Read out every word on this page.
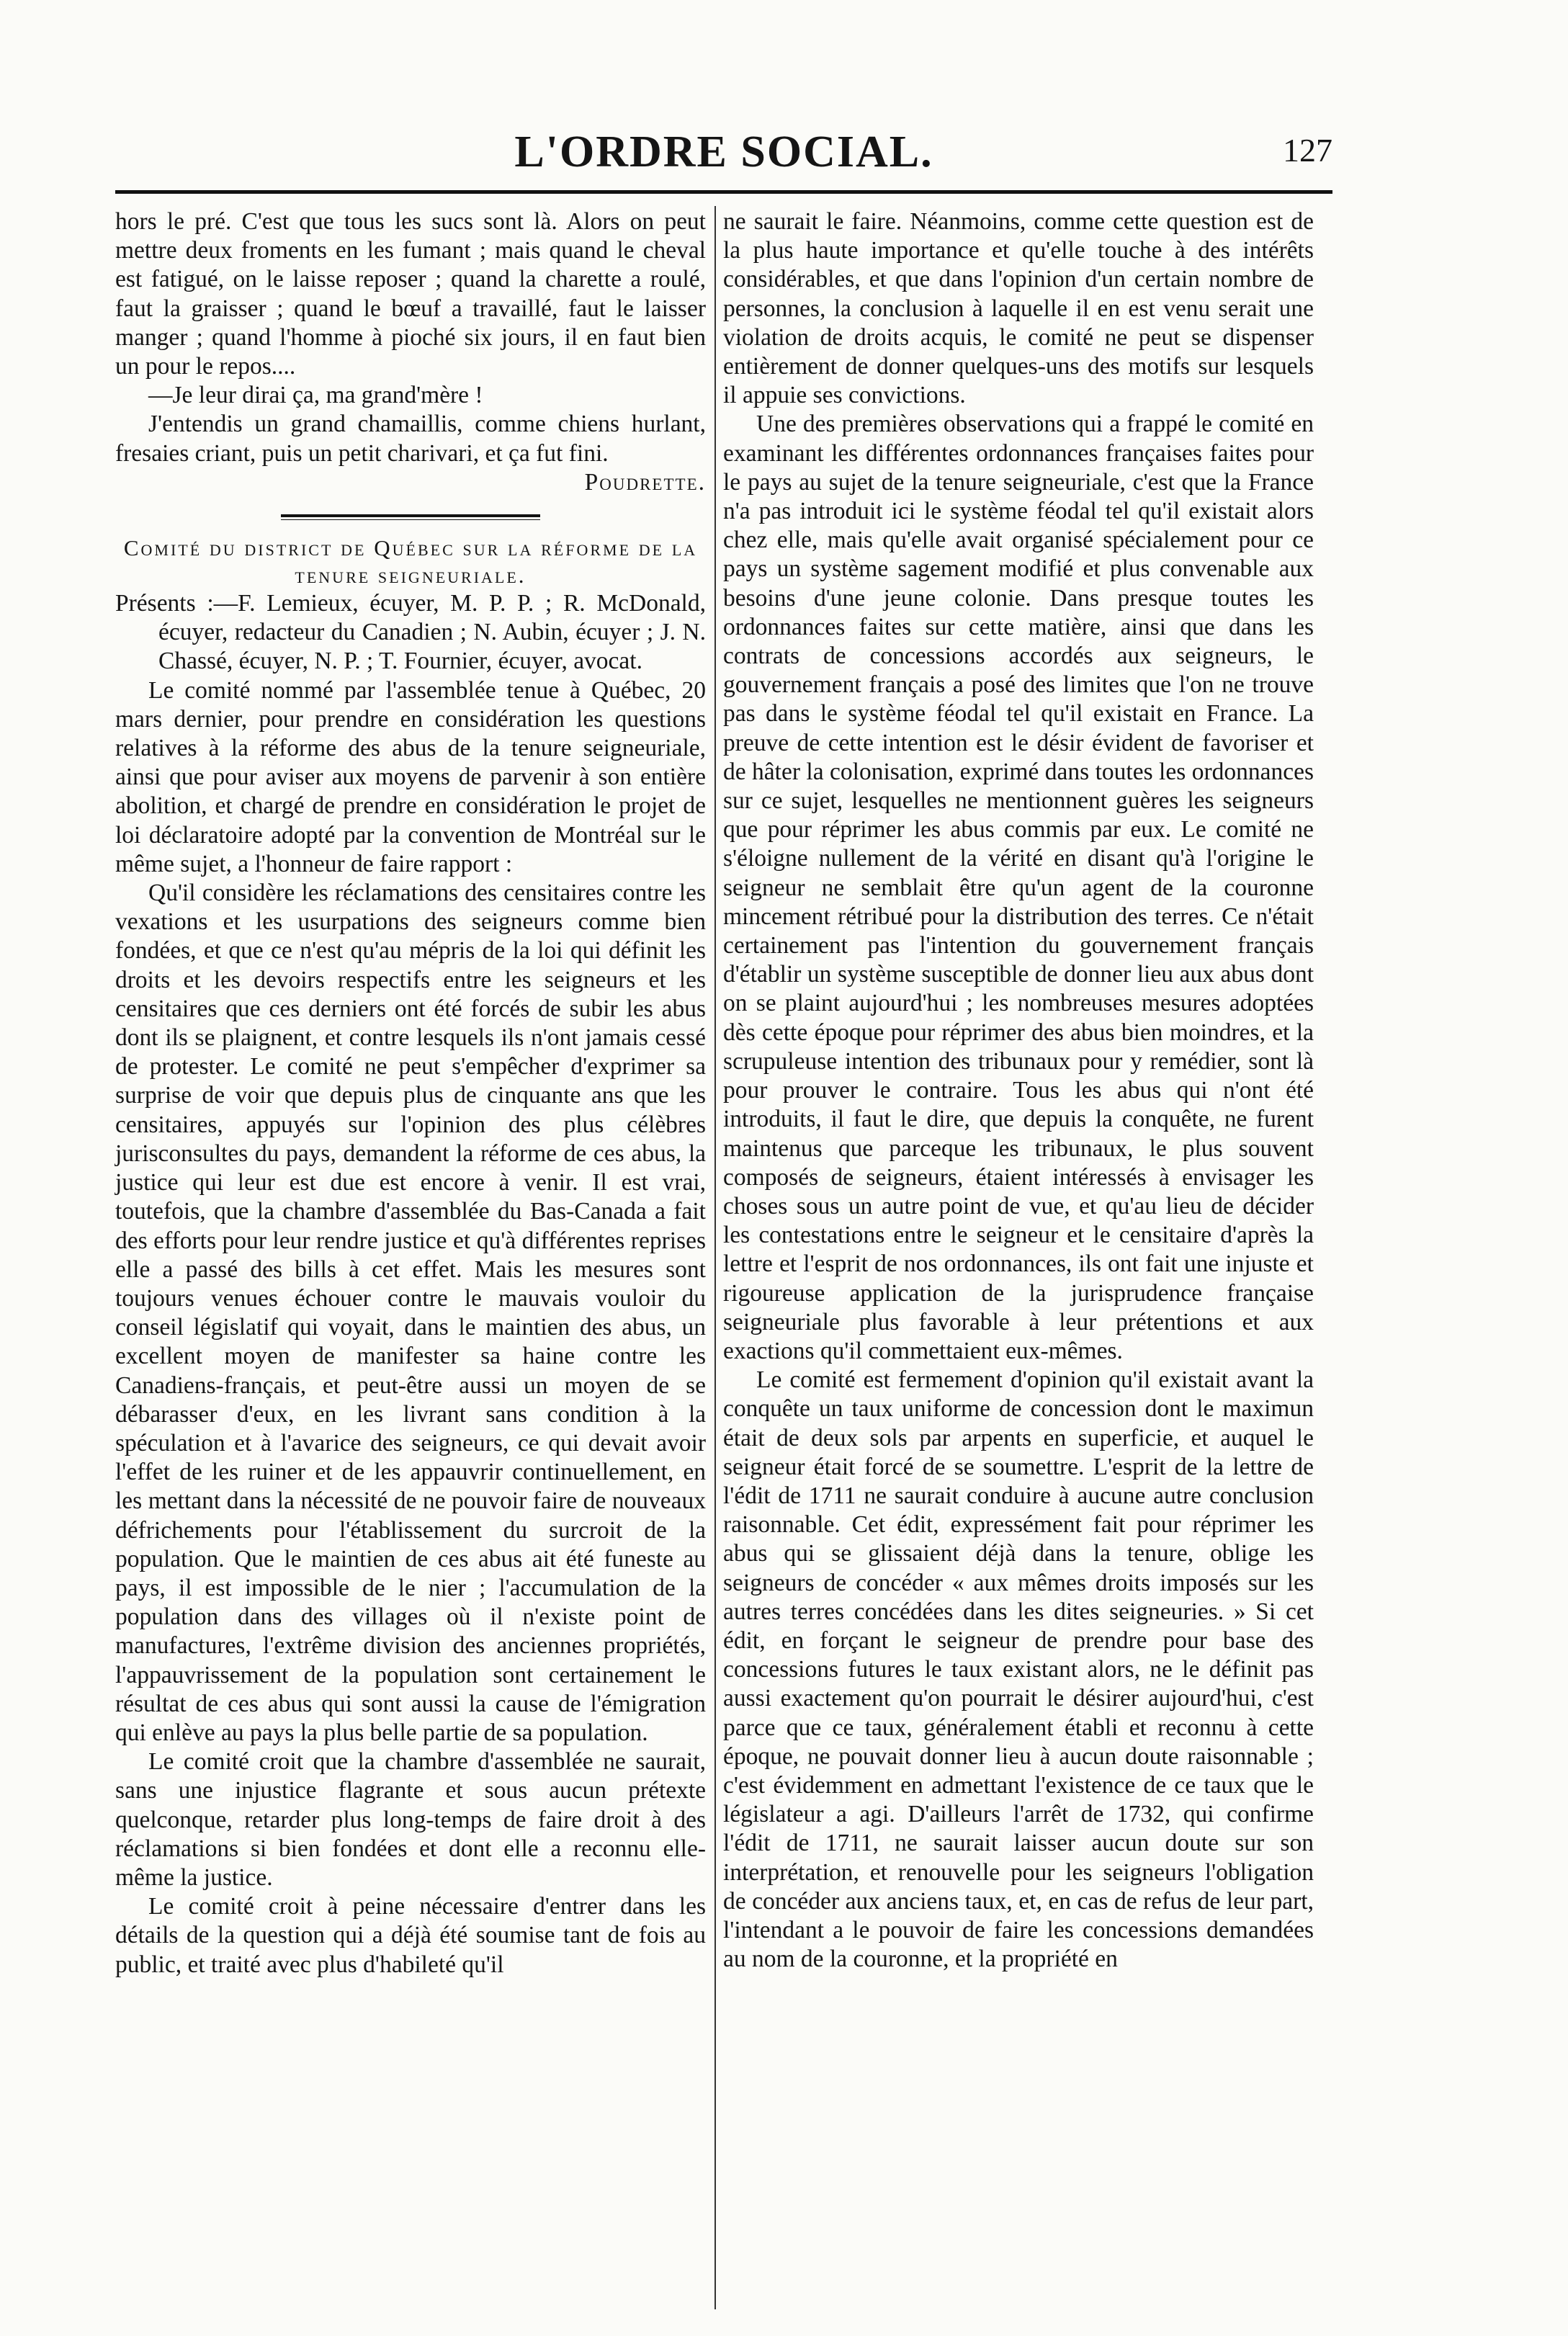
L'ORDRE SOCIAL.	127

hors le pré. C'est que tous les sucs sont là. Alors on peut mettre deux froments en les fumant ; mais quand le cheval est fatigué, on le laisse reposer ; quand la charette a roulé, faut la graisser ; quand le bœuf a travaillé, faut le laisser manger ; quand l'homme à pioché six jours, il en faut bien un pour le repos....

—Je leur dirai ça, ma grand'mère !

J'entendis un grand chamaillis, comme chiens hurlant, fresaies criant, puis un petit charivari, et ça fut fini.

Poudrette.

Comité du district de Québec sur la réforme de la tenure seigneuriale.

Présents :—F. Lemieux, écuyer, M. P. P. ; R. McDonald, écuyer, redacteur du Canadien ; N. Aubin, écuyer ; J. N. Chassé, écuyer, N. P. ; T. Fournier, écuyer, avocat.

Le comité nommé par l'assemblée tenue à Québec, 20 mars dernier, pour prendre en considération les questions relatives à la réforme des abus de la tenure seigneuriale, ainsi que pour aviser aux moyens de parvenir à son entière abolition, et chargé de prendre en considération le projet de loi déclaratoire adopté par la convention de Montréal sur le même sujet, a l'honneur de faire rapport :

Qu'il considère les réclamations des censitaires contre les vexations et les usurpations des seigneurs comme bien fondées, et que ce n'est qu'au mépris de la loi qui définit les droits et les devoirs respectifs entre les seigneurs et les censitaires que ces derniers ont été forcés de subir les abus dont ils se plaignent, et contre lesquels ils n'ont jamais cessé de protester. Le comité ne peut s'empêcher d'exprimer sa surprise de voir que depuis plus de cinquante ans que les censitaires, appuyés sur l'opinion des plus célèbres jurisconsultes du pays, demandent la réforme de ces abus, la justice qui leur est due est encore à venir. Il est vrai, toutefois, que la chambre d'assemblée du Bas-Canada a fait des efforts pour leur rendre justice et qu'à différentes reprises elle a passé des bills à cet effet. Mais les mesures sont toujours venues échouer contre le mauvais vouloir du conseil législatif qui voyait, dans le maintien des abus, un excellent moyen de manifester sa haine contre les Canadiens-français, et peut-être aussi un moyen de se débarasser d'eux, en les livrant sans condition à la spéculation et à l'avarice des seigneurs, ce qui devait avoir l'effet de les ruiner et de les appauvrir continuellement, en les mettant dans la nécessité de ne pouvoir faire de nouveaux défrichements pour l'établissement du surcroit de la population. Que le maintien de ces abus ait été funeste au pays, il est impossible de le nier ; l'accumulation de la population dans des villages où il n'existe point de manufactures, l'extrême division des anciennes propriétés, l'appauvrissement de la population sont certainement le résultat de ces abus qui sont aussi la cause de l'émigration qui enlève au pays la plus belle partie de sa population.

Le comité croit que la chambre d'assemblée ne saurait, sans une injustice flagrante et sous aucun prétexte quelconque, retarder plus long-temps de faire droit à des réclamations si bien fondées et dont elle a reconnu elle-même la justice.

Le comité croit à peine nécessaire d'entrer dans les détails de la question qui a déjà été soumise tant de fois au public, et traité avec plus d'habileté qu'il

ne saurait le faire. Néanmoins, comme cette question est de la plus haute importance et qu'elle touche à des intérêts considérables, et que dans l'opinion d'un certain nombre de personnes, la conclusion à laquelle il en est venu serait une violation de droits acquis, le comité ne peut se dispenser entièrement de donner quelques-uns des motifs sur lesquels il appuie ses convictions.

Une des premières observations qui a frappé le comité en examinant les différentes ordonnances françaises faites pour le pays au sujet de la tenure seigneuriale, c'est que la France n'a pas introduit ici le système féodal tel qu'il existait alors chez elle, mais qu'elle avait organisé spécialement pour ce pays un système sagement modifié et plus convenable aux besoins d'une jeune colonie. Dans presque toutes les ordonnances faites sur cette matière, ainsi que dans les contrats de concessions accordés aux seigneurs, le gouvernement français a posé des limites que l'on ne trouve pas dans le système féodal tel qu'il existait en France. La preuve de cette intention est le désir évident de favoriser et de hâter la colonisation, exprimé dans toutes les ordonnances sur ce sujet, lesquelles ne mentionnent guères les seigneurs que pour réprimer les abus commis par eux. Le comité ne s'éloigne nullement de la vérité en disant qu'à l'origine le seigneur ne semblait être qu'un agent de la couronne mincement rétribué pour la distribution des terres. Ce n'était certainement pas l'intention du gouvernement français d'établir un système susceptible de donner lieu aux abus dont on se plaint aujourd'hui ; les nombreuses mesures adoptées dès cette époque pour réprimer des abus bien moindres, et la scrupuleuse intention des tribunaux pour y remédier, sont là pour prouver le contraire. Tous les abus qui n'ont été introduits, il faut le dire, que depuis la conquête, ne furent maintenus que parceque les tribunaux, le plus souvent composés de seigneurs, étaient intéressés à envisager les choses sous un autre point de vue, et qu'au lieu de décider les contestations entre le seigneur et le censitaire d'après la lettre et l'esprit de nos ordonnances, ils ont fait une injuste et rigoureuse application de la jurisprudence française seigneuriale plus favorable à leur prétentions et aux exactions qu'il commettaient eux-mêmes.

Le comité est fermement d'opinion qu'il existait avant la conquête un taux uniforme de concession dont le maximun était de deux sols par arpents en superficie, et auquel le seigneur était forcé de se soumettre. L'esprit de la lettre de l'édit de 1711 ne saurait conduire à aucune autre conclusion raisonnable. Cet édit, expressément fait pour réprimer les abus qui se glissaient déjà dans la tenure, oblige les seigneurs de concéder « aux mêmes droits imposés sur les autres terres concédées dans les dites seigneuries. » Si cet édit, en forçant le seigneur de prendre pour base des concessions futures le taux existant alors, ne le définit pas aussi exactement qu'on pourrait le désirer aujourd'hui, c'est parce que ce taux, généralement établi et reconnu à cette époque, ne pouvait donner lieu à aucun doute raisonnable ; c'est évidemment en admettant l'existence de ce taux que le législateur a agi. D'ailleurs l'arrêt de 1732, qui confirme l'édit de 1711, ne saurait laisser aucun doute sur son interprétation, et renouvelle pour les seigneurs l'obligation de concéder aux anciens taux, et, en cas de refus de leur part, l'intendant a le pouvoir de faire les concessions demandées au nom de la couronne, et la propriété en
